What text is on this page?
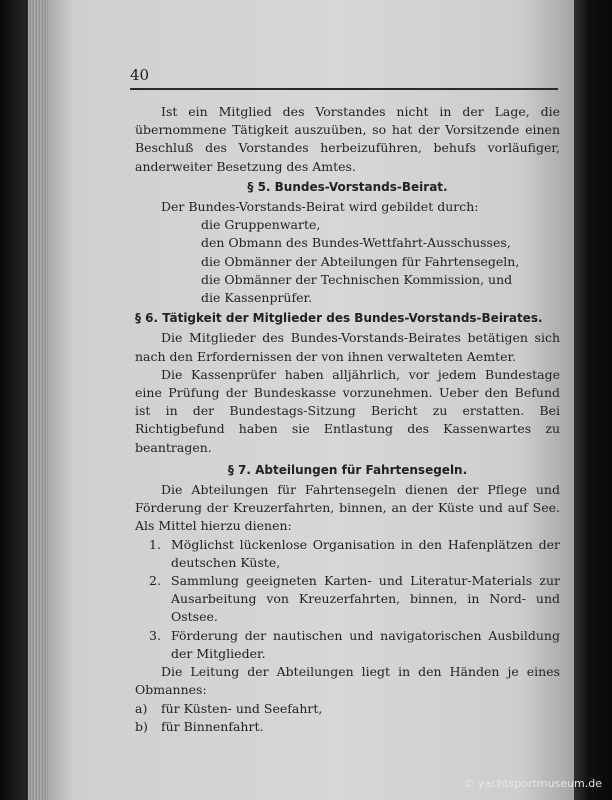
40

Ist ein Mitglied des Vorstandes nicht in der Lage, die übernommene Tätigkeit auszuüben, so hat der Vorsitzende einen Beschluß des Vorstandes herbeizuführen, behufs vorläufiger, anderweiter Besetzung des Amtes.

§ 5. Bundes-Vorstands-Beirat.
Der Bundes-Vorstands-Beirat wird gebildet durch:
die Gruppenwarte,
den Obmann des Bundes-Wettfahrt-Ausschusses,
die Obmänner der Abteilungen für Fahrtensegeln,
die Obmänner der Technischen Kommission, und
die Kassenprüfer.
§ 6. Tätigkeit der Mitglieder des Bundes-Vorstands-Beirates.

Die Mitglieder des Bundes-Vorstands-Beirates betätigen sich nach den Erfordernissen der von ihnen verwalteten Aemter.

Die Kassenprüfer haben alljährlich, vor jedem Bundestage eine Prüfung der Bundeskasse vorzunehmen. Ueber den Befund ist in der Bundestags-Sitzung Bericht zu erstatten. Bei Richtigbefund haben sie Entlastung des Kassenwartes zu beantragen.

§ 7. Abteilungen für Fahrtensegeln.

Die Abteilungen für Fahrtensegeln dienen der Pflege und Förderung der Kreuzerfahrten, binnen, an der Küste und auf See. Als Mittel hierzu dienen:

1. Möglichst lückenlose Organisation in den Hafenplätzen der deutschen Küste,
2. Sammlung geeigneten Karten- und Literatur-Materials zur Ausarbeitung von Kreuzerfahrten, binnen, in Nord- und Ostsee.
3. Förderung der nautischen und navigatorischen Ausbildung der Mitglieder.

Die Leitung der Abteilungen liegt in den Händen je eines Obmannes:

a)	für Küsten- und Seefahrt,
b)	für Binnenfahrt.
© yachtsportmuseum.de
